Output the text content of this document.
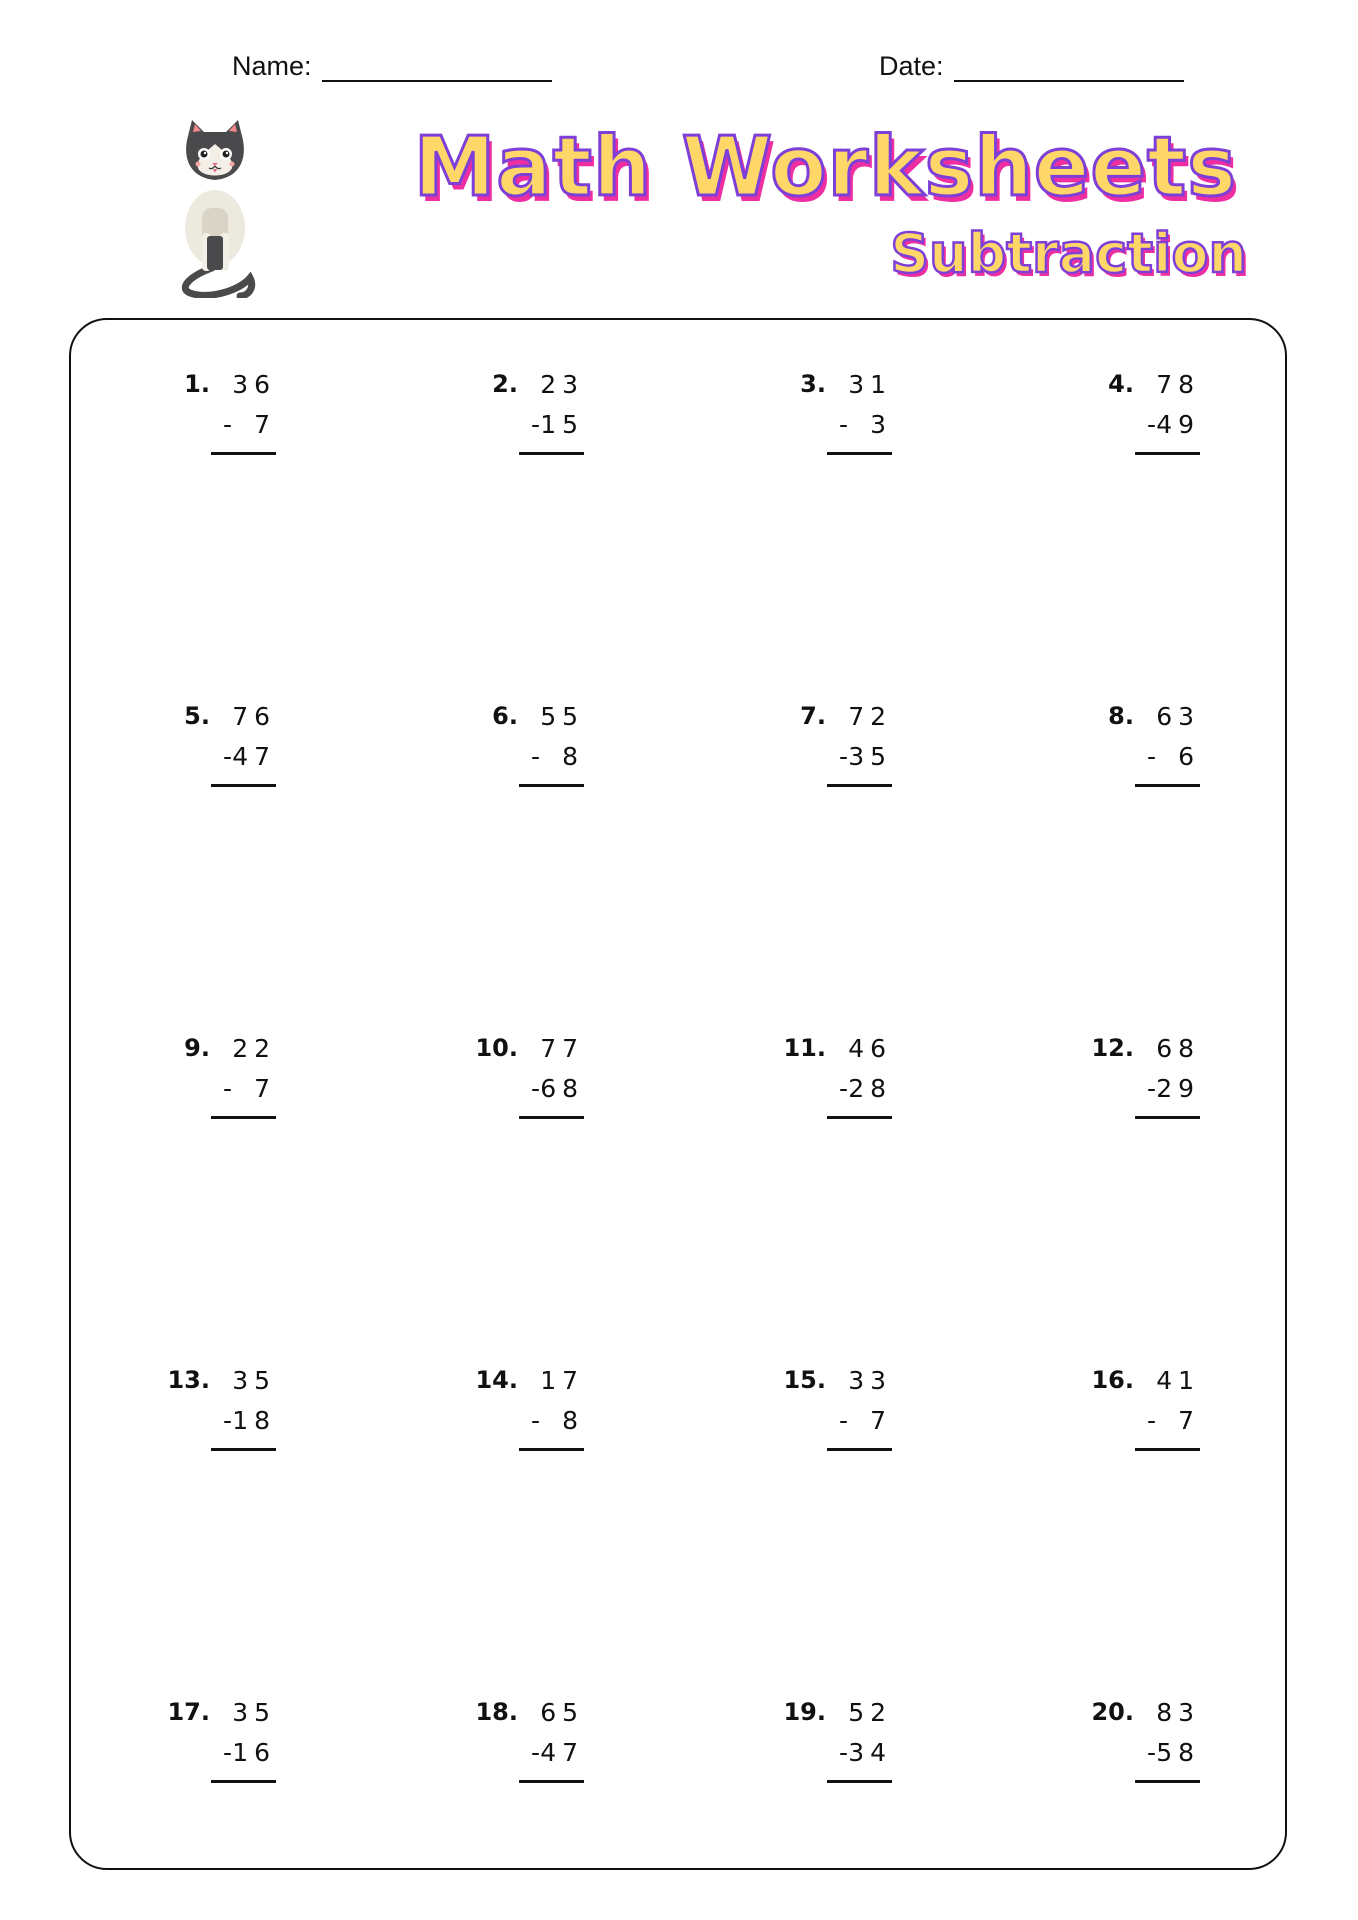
Name:	Date:
Math Worksheets
Subtraction
1. 36
- 7
2. 23
- 15
3. 31
- 3
4. 78
- 49
5. 76
- 47
6. 55
- 8
7. 72
- 35
8. 63
- 6
9. 22
- 7
10. 77
- 68
11. 46
- 28
12. 68
- 29
13. 35
- 18
14. 17
- 8
15. 33
- 7
16. 41
- 7
17. 35
- 16
18. 65
- 47
19. 52
- 34
20. 83
- 58
